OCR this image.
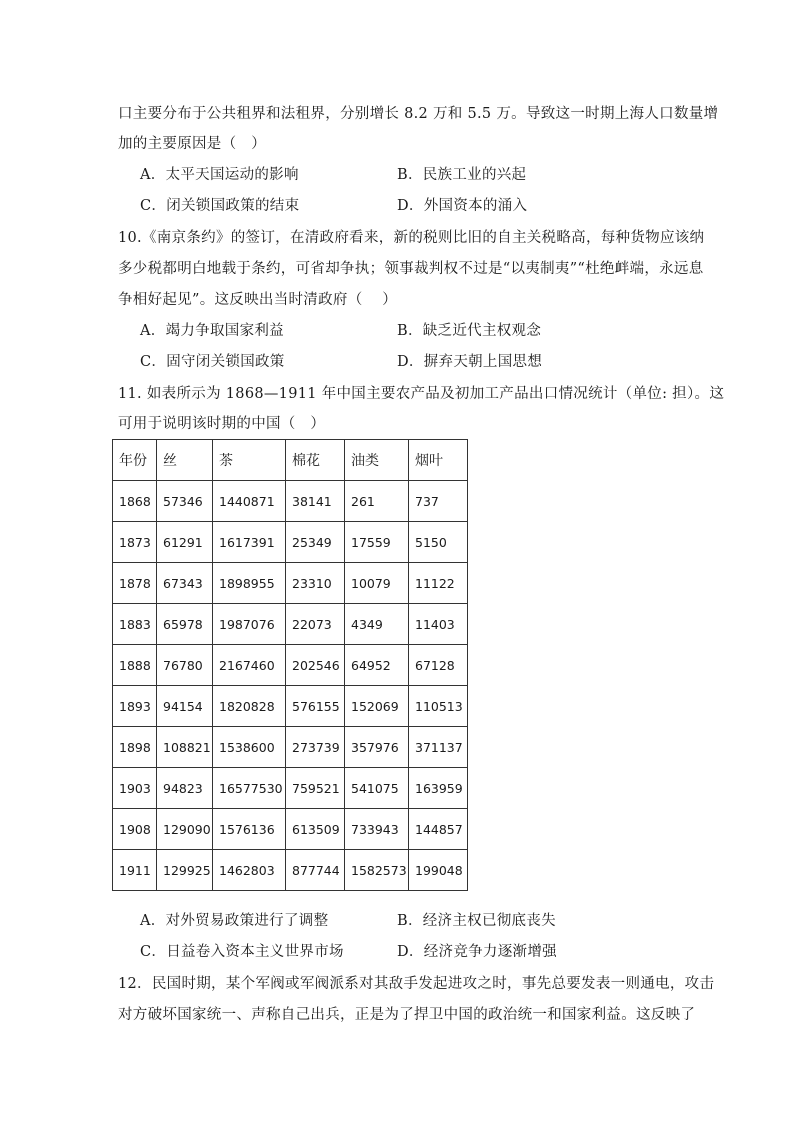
口主要分布于公共租界和法租界，分别增长 8.2 万和 5.5 万。导致这一时期上海人口数量增
加的主要原因是（　）
A．太平天国运动的影响	B．民族工业的兴起
C．闭关锁国政策的结束	D．外国资本的涌入
10.《南京条约》的签订，在清政府看来，新的税则比旧的自主关税略高，每种货物应该纳
多少税都明白地载于条约，可省却争执；领事裁判权不过是“以夷制夷”“杜绝衅端，永远息
争相好起见”。这反映出当时清政府（　 ）
A．竭力争取国家利益	B．缺乏近代主权观念
C．固守闭关锁国政策	D．摒弃天朝上国思想
11. 如表所示为 1868—1911 年中国主要农产品及初加工产品出口情况统计（单位: 担）。这
可用于说明该时期的中国（　）
年份	丝	茶	棉花	油类	烟叶
1868	57346	1440871	38141	261	737
1873	61291	1617391	25349	17559	5150
1878	67343	1898955	23310	10079	11122
1883	65978	1987076	22073	4349	11403
1888	76780	2167460	202546	64952	67128
1893	94154	1820828	576155	152069	110513
1898	108821	1538600	273739	357976	371137
1903	94823	16577530	759521	541075	163959
1908	129090	1576136	613509	733943	144857
1911	129925	1462803	877744	1582573	199048
A．对外贸易政策进行了调整	B．经济主权已彻底丧失
C．日益卷入资本主义世界市场	D．经济竞争力逐渐增强
12．民国时期，某个军阀或军阀派系对其敌手发起进攻之时，事先总要发表一则通电，攻击
对方破坏国家统一、声称自己出兵，正是为了捍卫中国的政治统一和国家利益。这反映了
